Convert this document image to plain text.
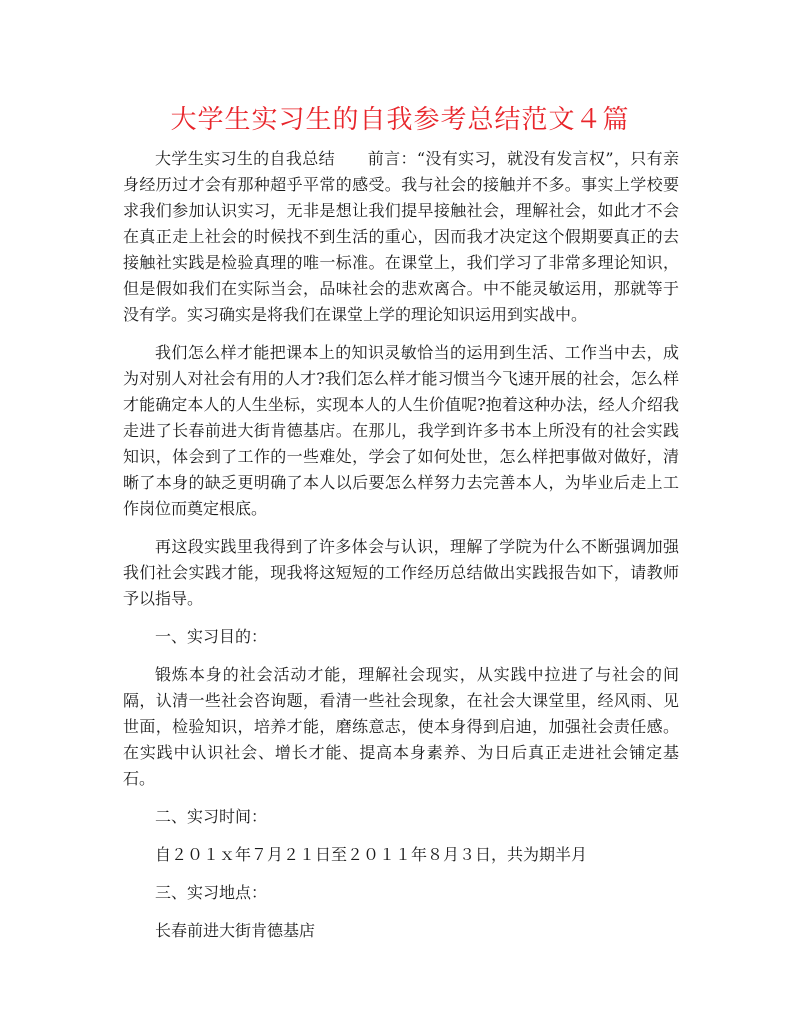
大学生实习生的自我参考总结范文４篇

大学生实习生的自我总结　　前言：“没有实习，就没有发言权”，只有亲身经历过才会有那种超乎平常的感受。我与社会的接触并不多。事实上学校要求我们参加认识实习，无非是想让我们提早接触社会，理解社会，如此才不会在真正走上社会的时候找不到生活的重心，因而我才决定这个假期要真正的去接触社实践是检验真理的唯一标准。在课堂上，我们学习了非常多理论知识，但是假如我们在实际当会，品味社会的悲欢离合。中不能灵敏运用，那就等于没有学。实习确实是将我们在课堂上学的理论知识运用到实战中。

我们怎么样才能把课本上的知识灵敏恰当的运用到生活、工作当中去，成为对别人对社会有用的人才?我们怎么样才能习惯当今飞速开展的社会，怎么样才能确定本人的人生坐标，实现本人的人生价值呢?抱着这种办法，经人介绍我走进了长春前进大街肯德基店。在那儿，我学到许多书本上所没有的社会实践知识，体会到了工作的一些难处，学会了如何处世，怎么样把事做对做好，清晰了本身的缺乏更明确了本人以后要怎么样努力去完善本人，为毕业后走上工作岗位而奠定根底。

再这段实践里我得到了许多体会与认识，理解了学院为什么不断强调加强我们社会实践才能，现我将这短短的工作经历总结做出实践报告如下，请教师予以指导。

一、实习目的：

锻炼本身的社会活动才能，理解社会现实，从实践中拉进了与社会的间隔，认清一些社会咨询题，看清一些社会现象，在社会大课堂里，经风雨、见世面，检验知识，培养才能，磨练意志，使本身得到启迪，加强社会责任感。在实践中认识社会、增长才能、提高本身素养、为日后真正走进社会铺定基石。

二、实习时间：

自２０１ｘ年７月２１日至２０１１年８月３日，共为期半月

三、实习地点：

长春前进大街肯德基店
